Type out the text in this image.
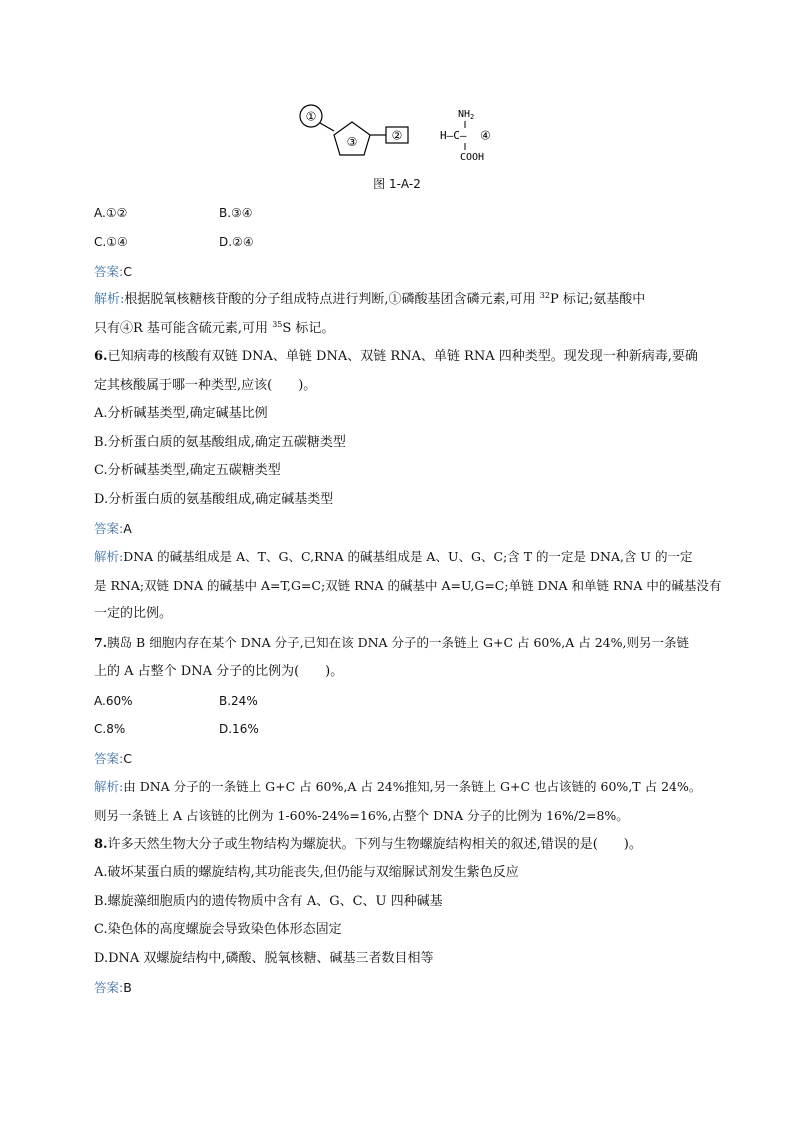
①
③	②
$NH_2$
H—C— ④
COOH
图 1-A-2
A.①②	B.③④
C.①④	D.②④
答案:C
解析:根据脱氧核糖核苷酸的分子组成特点进行判断,①磷酸基团含磷元素,可用 $^{32}$P 标记;氨基酸中
只有④R 基可能含硫元素,可用 $^{35}$S 标记。
6.已知病毒的核酸有双链 DNA、单链 DNA、双链 RNA、单链 RNA 四种类型。现发现一种新病毒,要确
定其核酸属于哪一种类型,应该(　　)。
A.分析碱基类型,确定碱基比例
B.分析蛋白质的氨基酸组成,确定五碳糖类型
C.分析碱基类型,确定五碳糖类型
D.分析蛋白质的氨基酸组成,确定碱基类型
答案:A
解析:DNA 的碱基组成是 A、T、G、C,RNA 的碱基组成是 A、U、G、C;含 T 的一定是 DNA,含 U 的一定
是 RNA;双链 DNA 的碱基中 A=T,G=C;双链 RNA 的碱基中 A=U,G=C;单链 DNA 和单链 RNA 中的碱基没有
一定的比例。
7.胰岛 B 细胞内存在某个 DNA 分子,已知在该 DNA 分子的一条链上 G+C 占 60%,A 占 24%,则另一条链
上的 A 占整个 DNA 分子的比例为(　　)。
A.60%	B.24%
C.8%	D.16%
答案:C
解析:由 DNA 分子的一条链上 G+C 占 60%,A 占 24%推知,另一条链上 G+C 也占该链的 60%,T 占 24%。
则另一条链上 A 占该链的比例为 1-60%-24%=16%,占整个 DNA 分子的比例为 16%/2=8%。
8.许多天然生物大分子或生物结构为螺旋状。下列与生物螺旋结构相关的叙述,错误的是(　　)。
A.破坏某蛋白质的螺旋结构,其功能丧失,但仍能与双缩脲试剂发生紫色反应
B.螺旋藻细胞质内的遗传物质中含有 A、G、C、U 四种碱基
C.染色体的高度螺旋会导致染色体形态固定
D.DNA 双螺旋结构中,磷酸、脱氧核糖、碱基三者数目相等
答案:B
